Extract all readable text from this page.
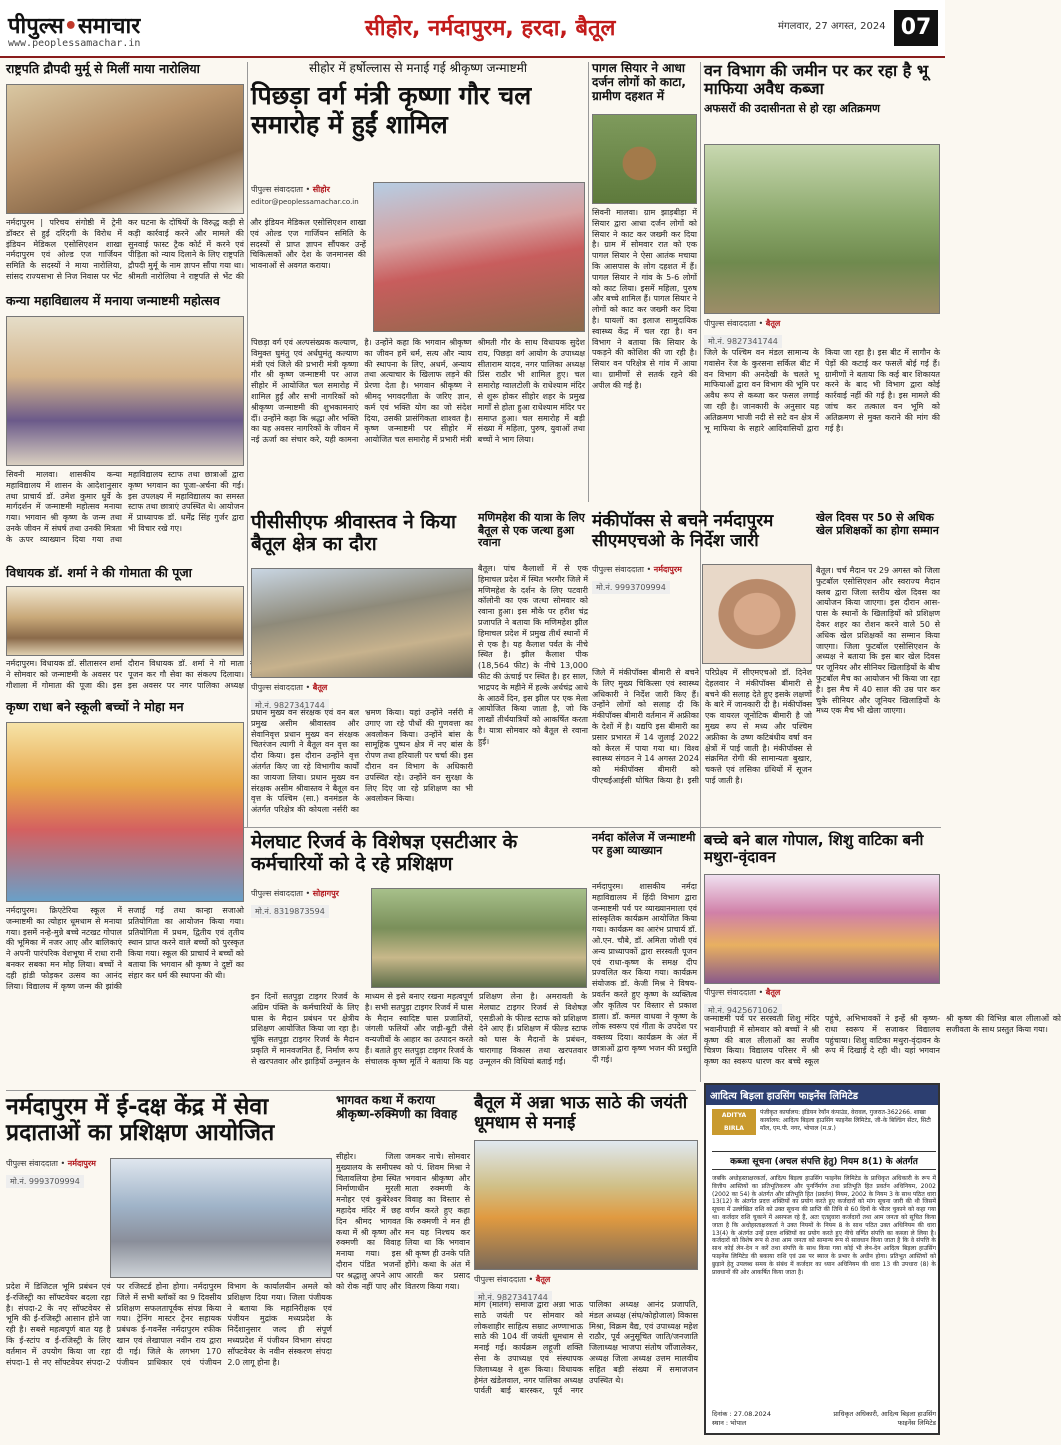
पीपुल्स•समाचार
www.peoplessamachar.in
सीहोर, नर्मदापुरम, हरदा, बैतूल	मंगलवार, 27 अगस्त, 2024 07
राष्ट्रपति द्रौपदी मुर्मू से मिलीं माया नारोलिया
नर्मदापुरम | परिचय संगोष्ठी में ट्रेनी डॉक्टर से हुई दरिंदगी के विरोध में इंडियन मेडिकल एसोसिएशन शाखा नर्मदापुरम एवं ओल्ड एज गार्जियन समिति के सदस्यों ने माया नारोलिया, सांसद राज्यसभा से निज निवास पर भेंट कर घटना के दोषियों के विरुद्ध कड़ी से कड़ी कार्रवाई करने और मामले की सुनवाई फास्ट ट्रैक कोर्ट में करने एवं पीड़िता को न्याय दिलाने के लिए राष्ट्रपति द्रौपदी मुर्मू के नाम ज्ञापन सौंपा गया था। श्रीमती नारोलिया ने राष्ट्रपति से भेंट की और इंडियन मेडिकल एसोसिएशन शाखा एवं ओल्ड एज गार्जियन समिति के सदस्यों से प्राप्त ज्ञापन सौंपकर उन्हें चिकित्सकों और देश के जनमानस की भावनाओं से अवगत कराया।
कन्या महाविद्यालय में मनाया जन्माष्टमी महोत्सव
सिवनी मालवा। शासकीय कन्या महाविद्यालय में शासन के आदेशानुसार तथा प्राचार्य डॉ. उमेश कुमार धुर्वे के मार्गदर्शन में जन्माष्टमी महोत्सव मनाया गया। भगवान श्री कृष्ण के जन्म तथा उनके जीवन में संघर्ष तथा उनकी मित्रता के ऊपर व्याख्यान दिया गया तथा महाविद्यालय स्टाफ तथा छात्राओं द्वारा कृष्ण भगवान का पूजा-अर्चना की गई। इस उपलक्ष्य में महाविद्यालय का समस्त स्टाफ तथा छात्राएं उपस्थित थे। आयोजन में प्राध्यापक डॉ. धर्मेंद्र सिंह गुर्जर द्वारा भी विचार रखे गए।
विधायक डॉ. शर्मा ने की गोमाता की पूजा
नर्मदापुरम। विधायक डॉ. सीतासरन शर्मा ने सोमवार को जन्माष्टमी के अवसर पर गौशाला में गोमाता की पूजा की। इस दौरान विधायक डॉ. शर्मा ने गो माता पूजन कर गौ सेवा का संकल्प दिलाया। इस अवसर पर नगर पालिका अध्यक्ष
कृष्ण राधा बने स्कूली बच्चों ने मोहा मन
नर्मदापुरम। क्रिएटेरिया स्कूल में जन्माष्टमी का त्योहार धूमधाम से मनाया गया। इसमें नन्हे-मुन्ने बच्चे नटखट गोपाल की भूमिका में नजर आए और बालिकाएं ने अपनी पारंपरिक वेशभूषा में राधा रानी बनकर सबका मन मोह लिया। बच्चों ने दही हांडी फोड़कर उत्सव का आनंद लिया। विद्यालय में कृष्ण जन्म की झांकी सजाई गई तथा कान्हा सजाओ प्रतियोगिता का आयोजन किया गया। प्रतियोगिता में प्रथम, द्वितीय एवं तृतीय स्थान प्राप्त करने वाले बच्चों को पुरस्कृत किया गया। स्कूल की प्राचार्य ने बच्चों को बताया कि भगवान श्री कृष्ण ने दुष्टों का संहार कर धर्म की स्थापना की थी।
सीहोर में हर्षोल्लास से मनाई गई श्रीकृष्ण जन्माष्टमी
पिछड़ा वर्ग मंत्री कृष्णा गौर चल समारोह में हुईं शामिल
पीपुल्स संवाददाता • सीहोर
editor@peoplessamachar.co.in
पिछड़ा वर्ग एवं अल्पसंख्यक कल्याण, विमुक्त घुमंतु एवं अर्धघुमंतु कल्याण मंत्री एवं जिले की प्रभारी मंत्री कृष्णा गौर श्री कृष्ण जन्माष्टमी पर आज सीहोर में आयोजित चल समारोह में शामिल हुईं और सभी नागरिकों को श्रीकृष्ण जन्माष्टमी की शुभकामनाएं दीं। उन्होंने कहा कि श्रद्धा और भक्ति का यह अवसर नागरिकों के जीवन में नई ऊर्जा का संचार करे, यही कामना है। उन्होंने कहा कि भगवान श्रीकृष्ण का जीवन हमें धर्म, सत्य और न्याय की स्थापना के लिए, अधर्म, अन्याय तथा अत्याचार के खिलाफ लड़ने की प्रेरणा देता है। भगवान श्रीकृष्ण ने श्रीमद् भगवदगीता के जरिए ज्ञान, कर्म एवं भक्ति योग का जो संदेश दिया, उसकी प्रासंगिकता शाश्वत है। कृष्ण जन्माष्टमी पर सीहोर में आयोजित चल समारोह में प्रभारी मंत्री श्रीमती गौर के साथ विधायक सुदेश राय, पिछड़ा वर्ग आयोग के उपाध्यक्ष सीताराम यादव, नगर पालिका अध्यक्ष प्रिंस राठौर भी शामिल हुए। चल समारोह ग्वालटोली के राधेश्याम मंदिर से शुरू होकर सीहोर शहर के प्रमुख मार्गों से होता हुआ राधेश्याम मंदिर पर समाप्त हुआ। चल समारोह में बड़ी संख्या में महिला, पुरुष, युवाओं तथा बच्चों ने भाग लिया।
पागल सियार ने आधा दर्जन लोगों को काटा, ग्रामीण दहशत में
सिवनी मालवा। ग्राम झाड़बीड़ा में सियार द्वारा आधा दर्जन लोगों को सियार ने काट कर जख्मी कर दिया है। ग्राम में सोमवार रात को एक पागल सियार ने ऐसा आतंक मचाया कि आसपास के लोग दहशत में हैं। पागल सियार ने गांव के 5-6 लोगों को काट लिया। इसमें महिला, पुरुष और बच्चे शामिल हैं। पागल सियार ने लोगों को काट कर जख्मी कर दिया है। घायलों का इलाज सामुदायिक स्वास्थ्य केंद्र में चल रहा है। वन विभाग ने बताया कि सियार के पकड़ने की कोशिश की जा रही है। सियार वन परिक्षेत्र से गांव में आया था। ग्रामीणों से सतर्क रहने की अपील की गई है।
वन विभाग की जमीन पर कर रहा है भू माफिया अवैध कब्जा
अफसरों की उदासीनता से हो रहा अतिक्रमण
पीपुल्स संवाददाता • बैतूल
मो.नं. 9827341744
जिले के पश्चिम वन मंडल सामान्य के गवासेन रेंज के कुरसना सर्किल बीट में वन विभाग की अनदेखी के चलते भू माफियाओं द्वारा वन विभाग की भूमि पर अवैध रूप से कब्जा कर फसल लगाई जा रही है। जानकारी के अनुसार यह अतिक्रमण भाजी नदी से सटे वन क्षेत्र में भू माफिया के सहारे आदिवासियों द्वारा किया जा रहा है। इस बीट में सागौन के पेड़ों की कटाई कर फसलें बोई गई हैं। ग्रामीणों ने बताया कि कई बार शिकायत करने के बाद भी विभाग द्वारा कोई कार्रवाई नहीं की गई है। इस मामले की जांच कर तत्काल वन भूमि को अतिक्रमण से मुक्त कराने की मांग की गई है।
पीसीसीएफ श्रीवास्तव ने किया बैतूल क्षेत्र का दौरा
पीपुल्स संवाददाता • बैतूल
मो.नं. 9827341744
प्रधान मुख्य वन संरक्षक एवं वन बल प्रमुख असीम श्रीवास्तव और सेवानिवृत्त प्रधान मुख्य वन संरक्षक चितरंजन त्यागी ने बैतूल वन वृत्त का दौरा किया। इस दौरान उन्होंने वृत्त अंतर्गत किए जा रहे विभागीय कार्यों का जायजा लिया। प्रधान मुख्य वन संरक्षक असीम श्रीवास्तव ने बैतूल वन वृत्त के पश्चिम (सा.) वनमंडल के अंतर्गत परिक्षेत्र की कोयला नर्सरी का भ्रमण किया। यहां उन्होंने नर्सरी में उगाए जा रहे पौधों की गुणवत्ता का अवलोकन किया। उन्होंने बांस के सामूहिक पुष्पन क्षेत्र में नए बांस के रोपण तथा हरियाली पर चर्चा की। इस दौरान वन विभाग के अधिकारी उपस्थित रहे। उन्होंने वन सुरक्षा के लिए दिए जा रहे प्रशिक्षण का भी अवलोकन किया।
मणिमहेश की यात्रा के लिए बैतूल से एक जत्था हुआ रवाना
बैतूल। पांच कैलाशों में से एक हिमाचल प्रदेश में स्थित भरमौर जिले में मणिमहेश के दर्शन के लिए पटवारी कॉलोनी का एक जत्था सोमवार को रवाना हुआ। इस मौके पर हरीश चंद्र प्रजापति ने बताया कि मणिमहेश झील हिमाचल प्रदेश में प्रमुख तीर्थ स्थानों में से एक है। यह कैलाश पर्वत के नीचे स्थित है। झील कैलाश पीक (18,564 फीट) के नीचे 13,000 फीट की ऊंचाई पर स्थित है। हर साल, भाद्रपद के महीने में हल्के अर्धचंद्र आधे के आठवें दिन, इस झील पर एक मेला आयोजित किया जाता है, जो कि लाखों तीर्थयात्रियों को आकर्षित करता है। यात्रा सोमवार को बैतूल से रवाना हुई।
मंकीपॉक्स से बचने नर्मदापुरम सीएमएचओ के निर्देश जारी
पीपुल्स संवाददाता • नर्मदापुरम
मो.नं. 9993709994
जिले में मंकीपॉक्स बीमारी से बचने के लिए मुख्य चिकित्सा एवं स्वास्थ्य अधिकारी ने निर्देश जारी किए हैं। उन्होंने लोगों को सलाह दी कि मंकीपॉक्स बीमारी वर्तमान में अफ्रीका के देशों में है। यद्यपि इस बीमारी का प्रसार प्रभारत में 14 जुलाई 2022 को केरल में पाया गया था। विश्व स्वास्थ्य संगठन ने 14 अगस्त 2024 को मंकीपॉक्स बीमारी को पीएचईआईसी घोषित किया है। इसी परिप्रेक्ष्य में सीएमएचओ डॉ. दिनेश देहलवार ने मंकीपॉक्स बीमारी से बचने की सलाह देते हुए इसके लक्षणों के बारे में जानकारी दी है। मंकीपॉक्स एक वायरल जूनोटिक बीमारी है जो मुख्य रूप से मध्य और पश्चिम अफ्रीका के उष्ण कटिबंधीय वर्षा वन क्षेत्रों में पाई जाती है। मंकीपॉक्स से संक्रमित रोगी की सामान्यतः बुखार, चकत्ते एवं लसिका ग्रंथियों में सूजन पाई जाती है।
खेल दिवस पर 50 से अधिक खेल प्रशिक्षकों का होगा सम्मान
बैतूल। चर्च मैदान पर 29 अगस्त को जिला फुटबॉल एसोसिएशन और स्वराज्य मैदान क्लब द्वारा जिला स्तरीय खेल दिवस का आयोजन किया जाएगा। इस दौरान आस-पास के स्थानों के खिलाड़ियों को प्रशिक्षण देकर शहर का रोशन करने वाले 50 से अधिक खेल प्रशिक्षकों का सम्मान किया जाएगा। जिला फुटबॉल एसोसिएशन के अध्यक्ष ने बताया कि इस बार खेल दिवस पर जूनियर और सीनियर खिलाड़ियों के बीच फुटबॉल मैच का आयोजन भी किया जा रहा है। इस मैच में 40 साल की उम्र पार कर चुके सीनियर और जूनियर खिलाड़ियों के मध्य एक मैच भी खेला जाएगा।
मेलघाट रिजर्व के विशेषज्ञ एसटीआर के कर्मचारियों को दे रहे प्रशिक्षण
पीपुल्स संवाददाता • सोहागपुर
मो.नं. 8319873594
इन दिनों सतपुड़ा टाइगर रिजर्व के अग्रिम पंक्ति के कर्मचारियों के लिए घास के मैदान प्रबंधन पर क्षेत्रीय प्रशिक्षण आयोजित किया जा रहा है। चूंकि सतपुड़ा टाइगर रिजर्व के मैदान प्रकृति में मानवजनित हैं, निर्माण रूप से खरपतवार और झाड़ियों उन्मूलन के माध्यम से इसे बनाए रखना महत्वपूर्ण है। सभी सतपुड़ा टाइगर रिजर्व में घास के मैदान स्वादिष्ट घास प्रजातियों, जंगली फलियों और जड़ी-बूटी जैसे वन्यजीवों के आहार का उत्पादन करते हैं। बताते हुए सतपुड़ा टाइगर रिजर्व के संचालक कृष्ण मूर्ति ने बताया कि यह प्रशिक्षण लेना है। अमरावती के मेलघाट टाइगर रिजर्व से विशेषज्ञ एसडीओ के फील्ड स्टाफ को प्रशिक्षण देने आए हैं। प्रशिक्षण में फील्ड स्टाफ को घास के मैदानों के प्रबंधन, चारागाह विकास तथा खरपतवार उन्मूलन की विधियां बताई गईं।
नर्मदा कॉलेज में जन्माष्टमी पर हुआ व्याख्यान
नर्मदापुरम। शासकीय नर्मदा महाविद्यालय में हिंदी विभाग द्वारा जन्माष्टमी पर्व पर व्याख्यानमाला एवं सांस्कृतिक कार्यक्रम आयोजित किया गया। कार्यक्रम का आरंभ प्राचार्य डॉ. ओ.एन. चौबे, डॉ. अमिता जोशी एवं अन्य प्राध्यापकों द्वारा सरस्वती पूजन एवं राधा-कृष्ण के समक्ष दीप प्रज्वलित कर किया गया। कार्यक्रम संयोजक डॉ. केजी मिश्र ने विषय-प्रवर्तन करते हुए कृष्ण के व्यक्तित्व और कृतित्व पर विस्तार से प्रकाश डाला। डॉ. कमल वाधवा ने कृष्ण के लोक स्वरूप एवं गीता के उपदेश पर वक्तव्य दिया। कार्यक्रम के अंत में छात्राओं द्वारा कृष्ण भजन की प्रस्तुति दी गई।
बच्चे बने बाल गोपाल, शिशु वाटिका बनी मथुरा-वृंदावन
पीपुल्स संवाददाता • बैतूल
मो.नं. 9425671062
जन्माष्टमी पर्व पर सरस्वती शिशु मंदिर भवानीपाड़ी में सोमवार को बच्चों ने श्री कृष्ण की बाल लीलाओं का सजीव चित्रण किया। विद्यालय परिसर में श्री कृष्ण का स्वरूप धारण कर बच्चे स्कूल पहुंचे, अभिभावकों ने इन्हें श्री कृष्ण-राधा स्वरूप में सजाकर विद्यालय पहुंचाया। शिशु वाटिका मथुरा-वृंदावन के रूप में दिखाई दे रही थी। यहां भगवान श्री कृष्ण की विभिन्न बाल लीलाओं को सजीवता के साथ प्रस्तुत किया गया।
नर्मदापुरम में ई-दक्ष केंद्र में सेवा प्रदाताओं का प्रशिक्षण आयोजित
पीपुल्स संवाददाता • नर्मदापुरम
मो.नं. 9993709994
प्रदेश में डिजिटल भूमि प्रबंधन एवं ई-रजिस्ट्री का सॉफ्टवेयर बदला रहा है। संपदा-2 के नए सॉफ्टवेयर से भूमि की ई-रजिस्ट्री आसान होने जा रही है। सबसे महत्वपूर्ण बात यह है कि ई-स्टांप व ई-रजिस्ट्री के लिए वर्तमान में उपयोग किया जा रहा संपदा-1 से नए सॉफ्टवेयर संपदा-2 पर रजिस्टर्ड होना होगा। नर्मदापुरम जिले में सभी ब्लॉकों का 9 दिवसीय प्रशिक्षण सफलतापूर्वक संपन्न किया गया। ट्रेनिंग मास्टर ट्रेनर सहायक प्रबंधक ई-गवर्नेंस नर्मदापुरम रफीक खान एवं लेखापाल नवीन राय द्वारा दी गई। जिले के लगभग 170 पंजीयन प्राधिकार एवं पंजीयन विभाग के कार्यालयीन अमले को प्रशिक्षण दिया गया। जिला पंजीयक ने बताया कि महानिरीक्षक एवं पंजीयन मुद्रांक मध्यप्रदेश के निर्देशानुसार जल्द ही संपूर्ण मध्यप्रदेश में पंजीयन विभाग संपदा सॉफ्टवेयर के नवीन संस्करण संपदा 2.0 लागू होना है।
भागवत कथा में कराया श्रीकृष्ण-रुक्मिणी का विवाह
सीहोर। जिला मुख्यालय के समीपस्थ चितावलिया हेमा स्थित निर्माणाधीन मुरली मनोहर एवं कुबेरेश्वर महादेव मंदिर में छह दिन श्रीमद भागवत कथा में श्री कृष्ण और रुक्मणी का विवाह मनाया गया। इस दौरान पंडित भजनों पर श्रद्धालु अपने आप को रोक नहीं पाए और जमकर नाचे। सोमवार को पं. शिवम मिश्रा ने भगवान श्रीकृष्ण और माता रुक्मणी के विवाह का विस्तार से वर्णन करते हुए कहा कि रुक्मणी ने मन ही मन यह निश्चय कर लिया था कि भगवान श्री कृष्ण ही उनके पति होंगे। कथा के अंत में आरती कर प्रसाद वितरण किया गया।
बैतूल में अन्ना भाऊ साठे की जयंती धूमधाम से मनाई
पीपुल्स संवाददाता • बैतूल
मो.नं. 9827341744
मांग (मातंग) समाज द्वारा अन्ना भाऊ साठे जयंती पर सोमवार को लोकशाहीर साहित्य सम्राट अण्णाभाऊ साठे की 104 वीं जयंती धूमधाम से मनाई गई। कार्यक्रम लहूजी शक्ति सेना के उपाध्यक्ष एवं संस्थापक जिलाध्यक्ष ने शुरू किया। विधायक हेमंत खंडेलवाल, नगर पालिका अध्यक्ष पार्वती बाई बारस्कर, पूर्व नगर पालिका अध्यक्ष आनंद प्रजापति, मंडल अध्यक्ष (संघ/कोहोजाल) विकास मिश्रा, विक्रम वैद्य, एवं उपाध्यक्ष महेश राठौर, पूर्व अनुसूचित जाति/जनजाति जिलाध्यक्ष भाजपा संतोष जौंजालेकर, अध्यक्ष जिला अध्यक्ष उत्तम मालवीय सहित बड़ी संख्या में समाजजन उपस्थित थे।
आदित्य बिड़ला हाउसिंग फाइनेंस लिमिटेड
ADITYA BIRLA
CAPITAL
पंजीकृत कार्यालय: इंडियन रेयॉन कंपाउंड, वेरावल, गुजरात-362266. शाखा कार्यालय: आदित्य बिड़ला हाउसिंग फाइनेंस लिमिटेड, जी-के बिल्डिंग सेंटर, सिटी मॉल, एम.पी. नगर, भोपाल (म.प्र.)
कब्जा सूचना (अचल संपत्ति हेतु) नियम 8(1) के अंतर्गत
जबकि अधोहस्ताक्षरकर्ता, आदित्य बिड़ला हाउसिंग फाइनेंस लिमिटेड के प्राधिकृत अधिकारी के रूप में वित्तीय आस्तियों का प्रतिभूतिकरण और पुनर्निर्माण तथा प्रतिभूति हित प्रवर्तन अधिनियम, 2002 (2002 का 54) के अंतर्गत और प्रतिभूति हित (प्रवर्तन) नियम, 2002 के नियम 3 के साथ पठित धारा 13(12) के अंतर्गत प्रदत्त शक्तियों का प्रयोग करते हुए कर्जदारों को मांग सूचना जारी की थी जिसमें सूचना में उल्लेखित राशि को उक्त सूचना की प्राप्ति की तिथि से 60 दिनों के भीतर चुकाने को कहा गया था। कर्जदार राशि चुकाने में असफल रहे हैं, अतः एतद्द्वारा कर्जदारों तथा आम जनता को सूचित किया जाता है कि अधोहस्ताक्षरकर्ता ने उक्त नियमों के नियम 8 के साथ पठित उक्त अधिनियम की धारा 13(4) के अंतर्गत उन्हें प्रदत्त शक्तियों का प्रयोग करते हुए नीचे वर्णित संपत्ति का कब्जा ले लिया है। कर्जदारों को विशेष रूप से तथा आम जनता को सामान्य रूप से सावधान किया जाता है कि वे संपत्ति के साथ कोई लेन-देन न करें तथा संपत्ति के साथ किया गया कोई भी लेन-देन आदित्य बिड़ला हाउसिंग फाइनेंस लिमिटेड की बकाया राशि एवं उस पर ब्याज के प्रभार के अधीन होगा। प्रतिभूत आस्तियों को छुड़ाने हेतु उपलब्ध समय के संबंध में कर्जदार का ध्यान अधिनियम की धारा 13 की उपधारा (8) के प्रावधानों की ओर आकर्षित किया जाता है।
दिनांक : 27.08.2024
स्थान : भोपाल
प्राधिकृत अधिकारी, आदित्य बिड़ला हाउसिंग फाइनेंस लिमिटेड
